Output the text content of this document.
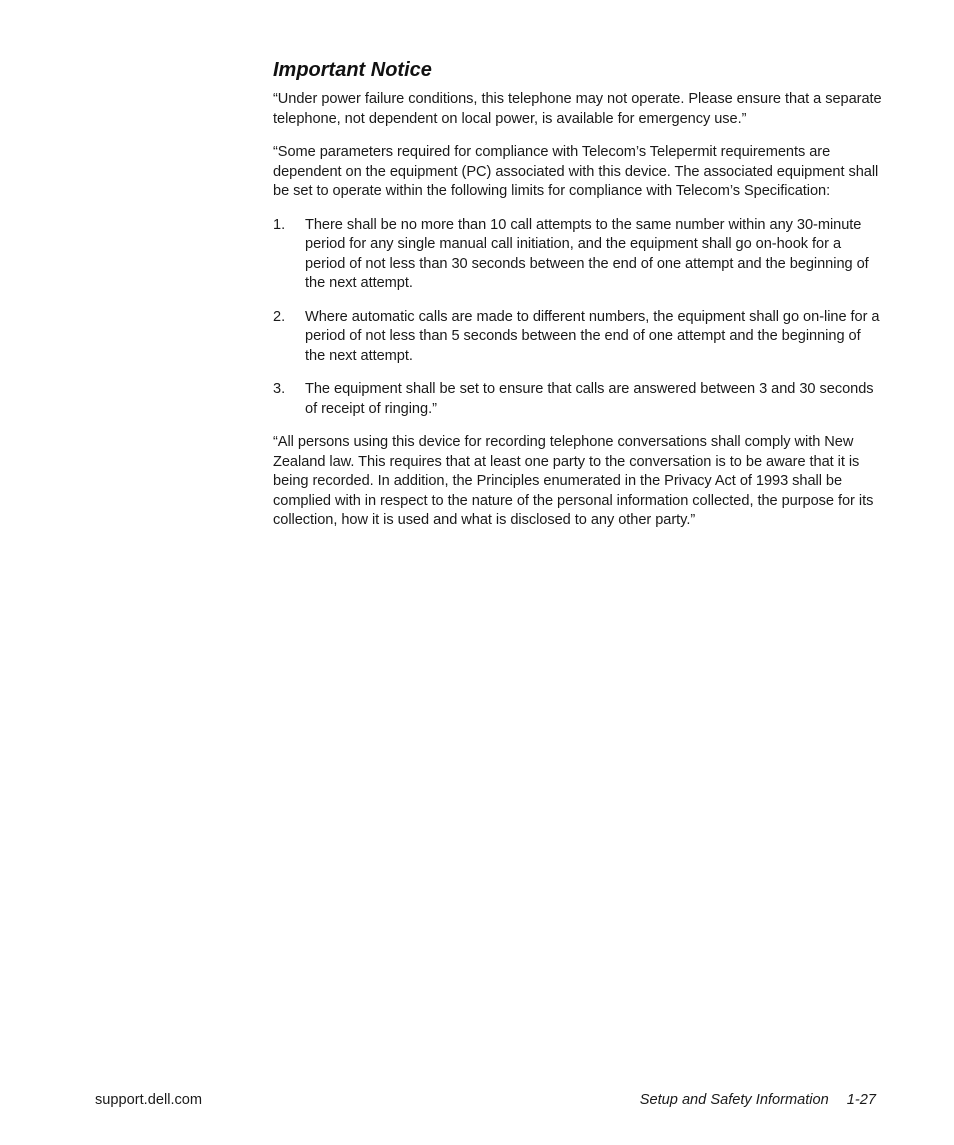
Important Notice

“Under power failure conditions, this telephone may not operate. Please ensure that a separate telephone, not dependent on local power, is available for emergency use.”

“Some parameters required for compliance with Telecom’s Telepermit requirements are dependent on the equipment (PC) associated with this device. The associated equipment shall be set to operate within the following limits for compliance with Telecom’s Specification:

1. There shall be no more than 10 call attempts to the same number within any 30-minute period for any single manual call initiation, and the equipment shall go on-hook for a period of not less than 30 seconds between the end of one attempt and the beginning of the next attempt.
2. Where automatic calls are made to different numbers, the equipment shall go on-line for a period of not less than 5 seconds between the end of one attempt and the beginning of the next attempt.
3. The equipment shall be set to ensure that calls are answered between 3 and 30 seconds of receipt of ringing.”

“All persons using this device for recording telephone conversations shall comply with New Zealand law. This requires that at least one party to the conversation is to be aware that it is being recorded. In addition, the Principles enumerated in the Privacy Act of 1993 shall be complied with in respect to the nature of the personal information collected, the purpose for its collection, how it is used and what is disclosed to any other party.”

support.dell.com	Setup and Safety Information 1-27
